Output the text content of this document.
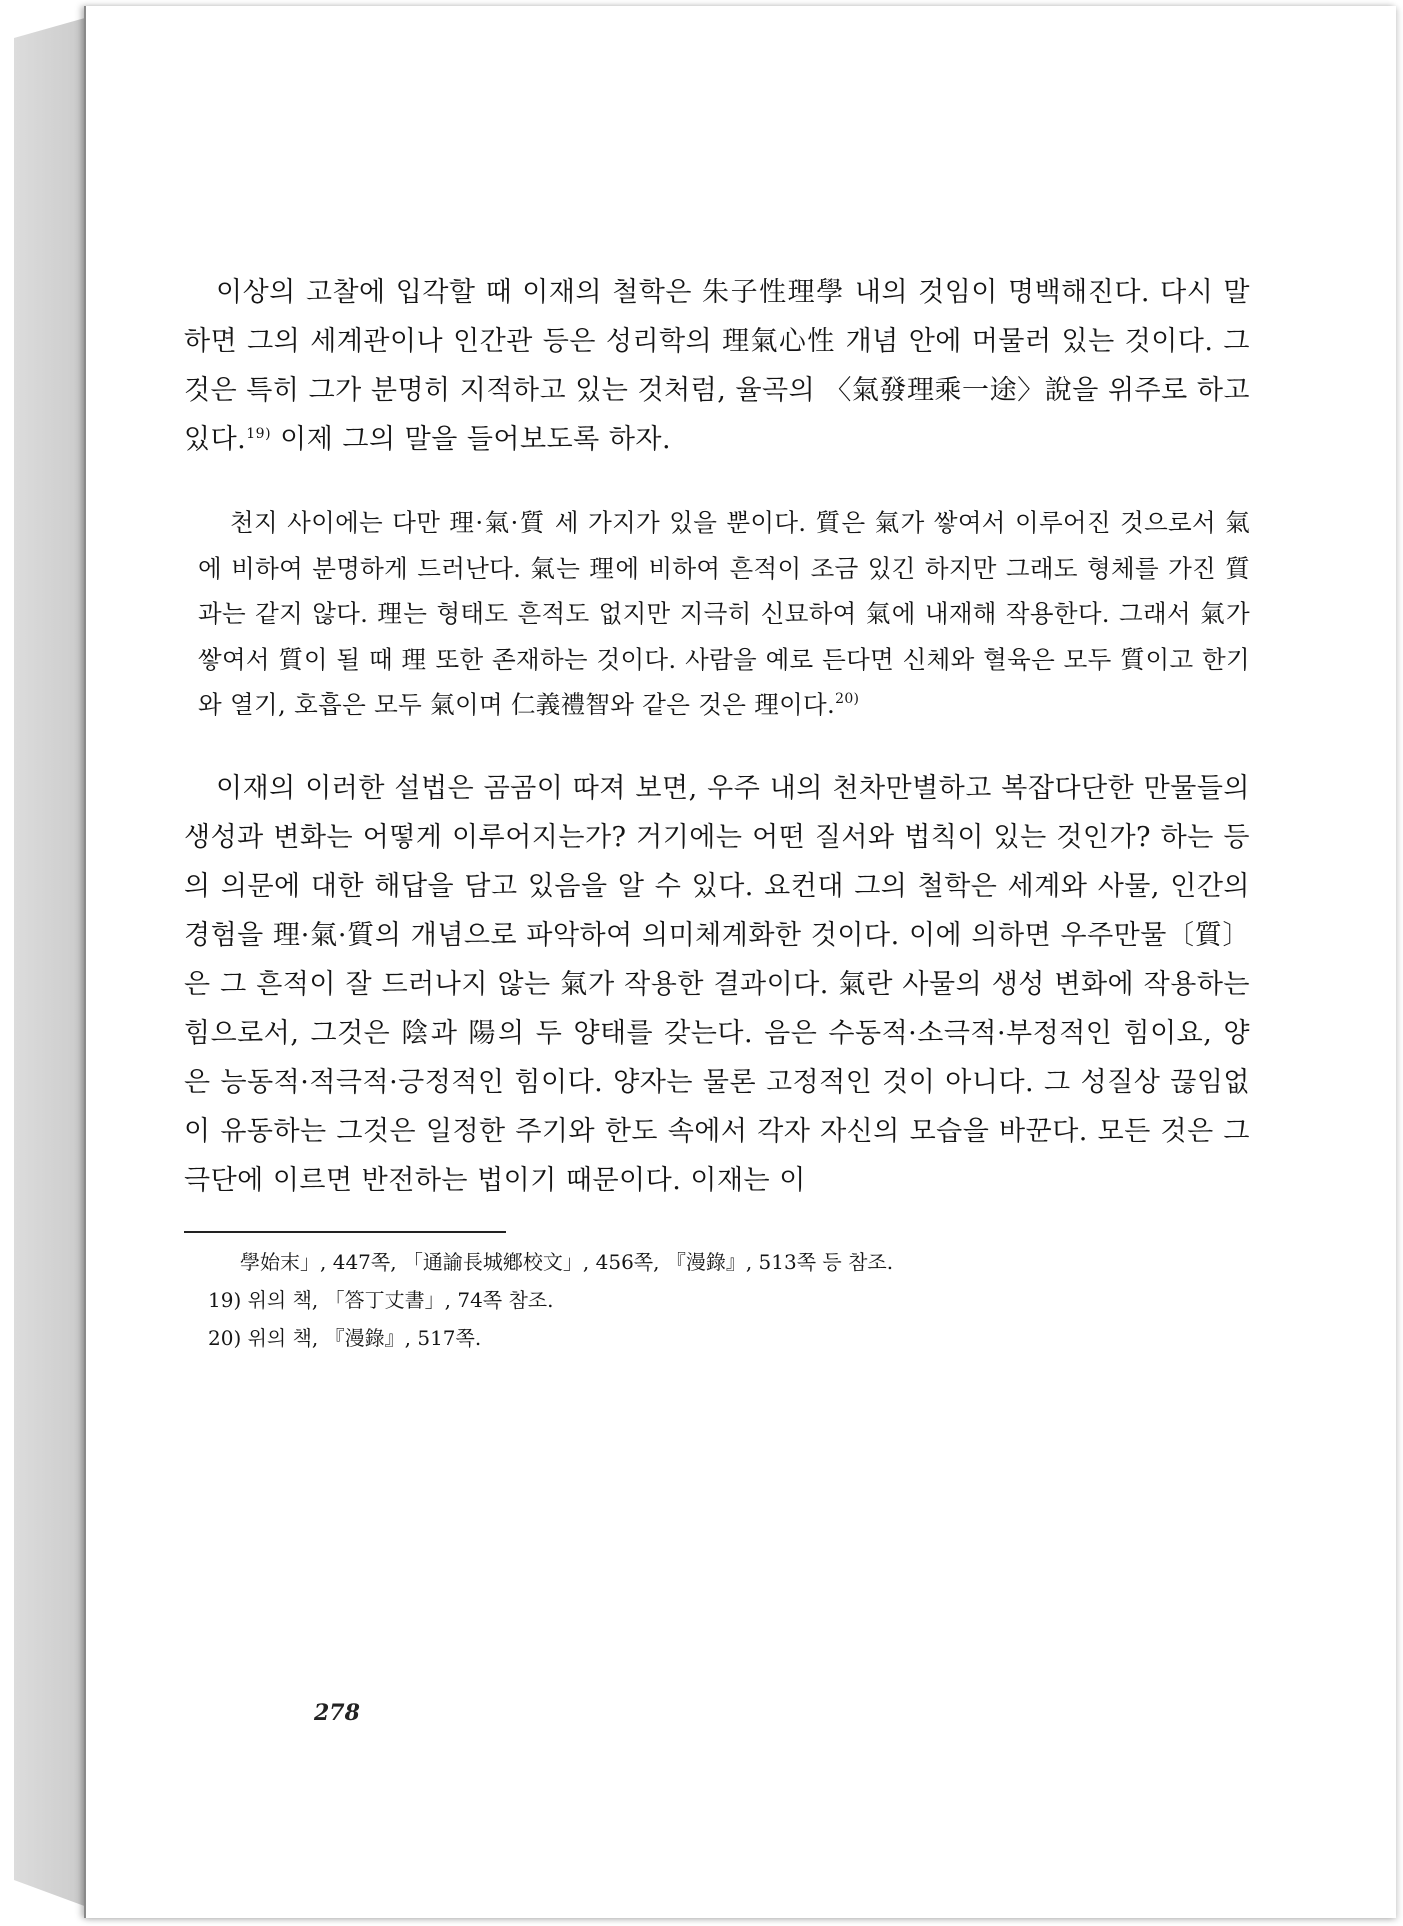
이상의 고찰에 입각할 때 이재의 철학은 朱子性理學 내의 것임이 명백해진다. 다시 말하면 그의 세계관이나 인간관 등은 성리학의 理氣心性 개념 안에 머물러 있는 것이다. 그것은 특히 그가 분명히 지적하고 있는 것처럼, 율곡의 〈氣發理乘一途〉說을 위주로 하고 있다.$^{19)}$ 이제 그의 말을 들어보도록 하자.

천지 사이에는 다만 理·氣·質 세 가지가 있을 뿐이다. 質은 氣가 쌓여서 이루어진 것으로서 氣에 비하여 분명하게 드러난다. 氣는 理에 비하여 흔적이 조금 있긴 하지만 그래도 형체를 가진 質과는 같지 않다. 理는 형태도 흔적도 없지만 지극히 신묘하여 氣에 내재해 작용한다. 그래서 氣가 쌓여서 質이 될 때 理 또한 존재하는 것이다. 사람을 예로 든다면 신체와 혈육은 모두 質이고 한기와 열기, 호흡은 모두 氣이며 仁義禮智와 같은 것은 理이다.$^{20)}$

이재의 이러한 설법은 곰곰이 따져 보면, 우주 내의 천차만별하고 복잡다단한 만물들의 생성과 변화는 어떻게 이루어지는가? 거기에는 어떤 질서와 법칙이 있는 것인가? 하는 등의 의문에 대한 해답을 담고 있음을 알 수 있다. 요컨대 그의 철학은 세계와 사물, 인간의 경험을 理·氣·質의 개념으로 파악하여 의미체계화한 것이다. 이에 의하면 우주만물〔質〕은 그 흔적이 잘 드러나지 않는 氣가 작용한 결과이다. 氣란 사물의 생성 변화에 작용하는 힘으로서, 그것은 陰과 陽의 두 양태를 갖는다. 음은 수동적·소극적·부정적인 힘이요, 양은 능동적·적극적·긍정적인 힘이다. 양자는 물론 고정적인 것이 아니다. 그 성질상 끊임없이 유동하는 그것은 일정한 주기와 한도 속에서 각자 자신의 모습을 바꾼다. 모든 것은 그 극단에 이르면 반전하는 법이기 때문이다. 이재는 이

學始末」, 447쪽, 「通諭長城鄕校文」, 456쪽, 『漫錄』, 513쪽 등 참조.
19) 위의 책, 「答丁丈書」, 74쪽 참조.
20) 위의 책, 『漫錄』, 517쪽.
278
